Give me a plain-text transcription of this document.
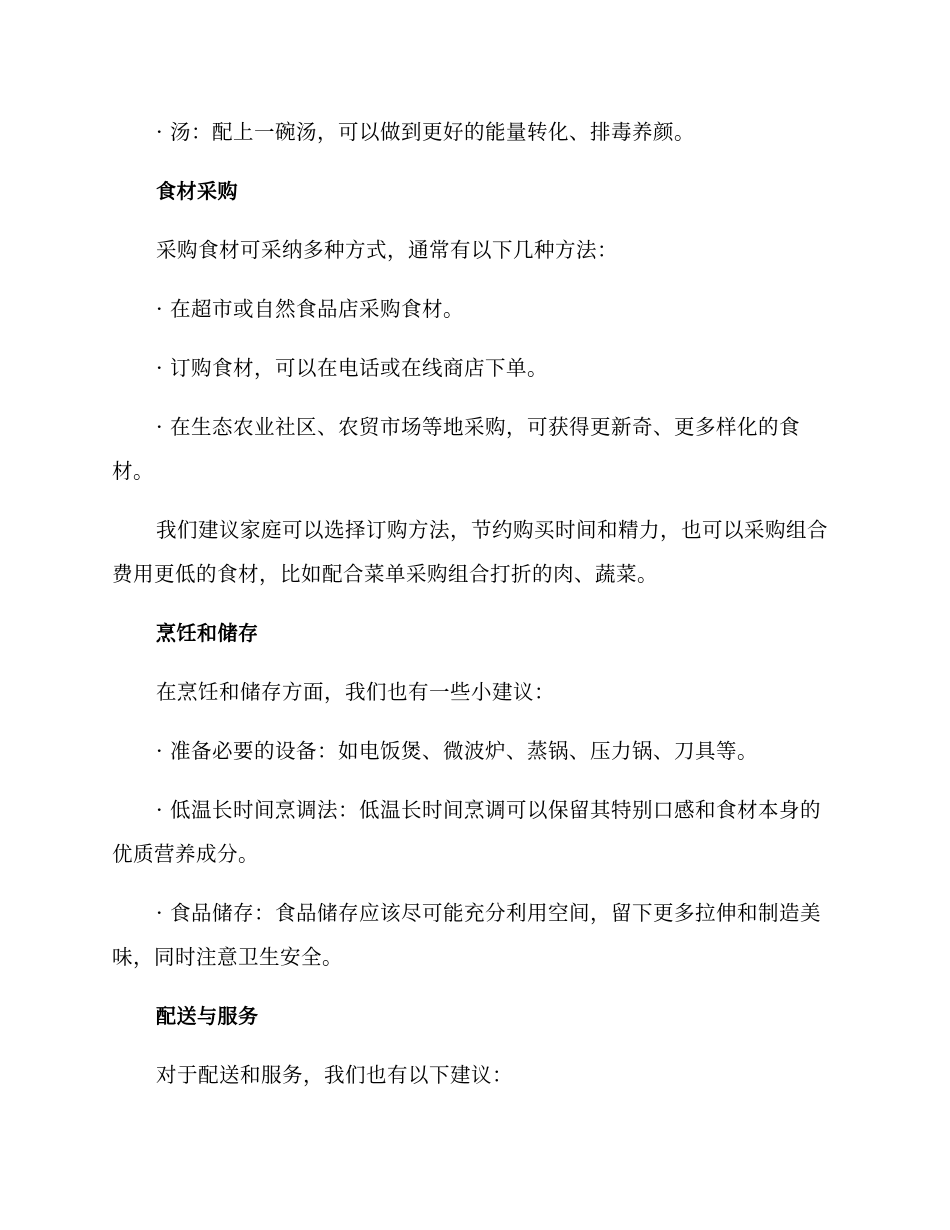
· 汤：配上一碗汤，可以做到更好的能量转化、排毒养颜。

食材采购

采购食材可采纳多种方式，通常有以下几种方法：

· 在超市或自然食品店采购食材。

· 订购食材，可以在电话或在线商店下单。

· 在生态农业社区、农贸市场等地采购，可获得更新奇、更多样化的食材。

我们建议家庭可以选择订购方法，节约购买时间和精力，也可以采购组合费用更低的食材，比如配合菜单采购组合打折的肉、蔬菜。

烹饪和储存

在烹饪和储存方面，我们也有一些小建议：

· 准备必要的设备：如电饭煲、微波炉、蒸锅、压力锅、刀具等。

· 低温长时间烹调法：低温长时间烹调可以保留其特别口感和食材本身的优质营养成分。

· 食品储存：食品储存应该尽可能充分利用空间，留下更多拉伸和制造美味，同时注意卫生安全。

配送与服务

对于配送和服务，我们也有以下建议：
